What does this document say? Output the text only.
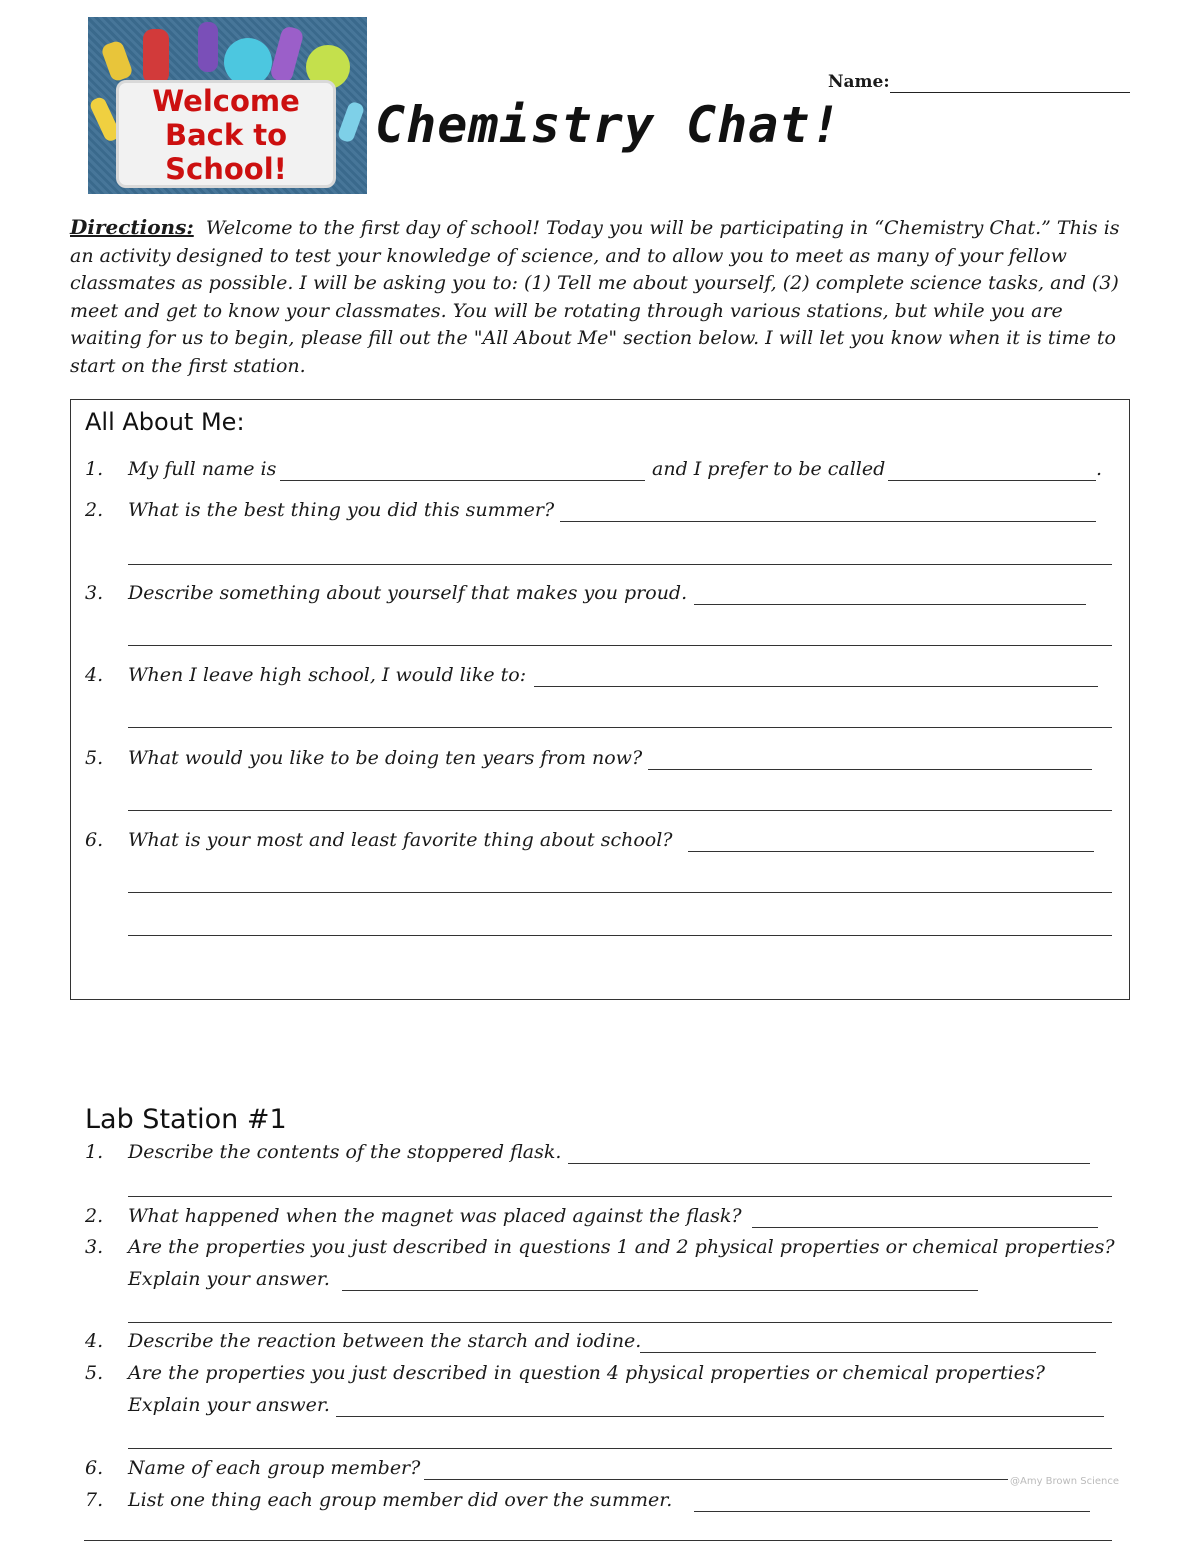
Welcome
Back to
School!
Chemistry Chat!
Name:
Directions: Welcome to the first day of school! Today you will be participating in “Chemistry Chat.” This is an activity designed to test your knowledge of science, and to allow you to meet as many of your fellow classmates as possible. I will be asking you to: (1) Tell me about yourself, (2) complete science tasks, and (3) meet and get to know your classmates. You will be rotating through various stations, but while you are waiting for us to begin, please fill out the "All About Me" section below. I will let you know when it is time to start on the first station.
All About Me:
1. My full name is	and I prefer to be called	.
2. What is the best thing you did this summer?
3. Describe something about yourself that makes you proud.
4. When I leave high school, I would like to:
5. What would you like to be doing ten years from now?
6. What is your most and least favorite thing about school?
Lab Station #1
1. Describe the contents of the stoppered flask.
2. What happened when the magnet was placed against the flask?
3. Are the properties you just described in questions 1 and 2 physical properties or chemical properties?
Explain your answer.
4. Describe the reaction between the starch and iodine.
5. Are the properties you just described in question 4 physical properties or chemical properties?
Explain your answer.
6. Name of each group member?
@Amy Brown Science
7. List one thing each group member did over the summer.
